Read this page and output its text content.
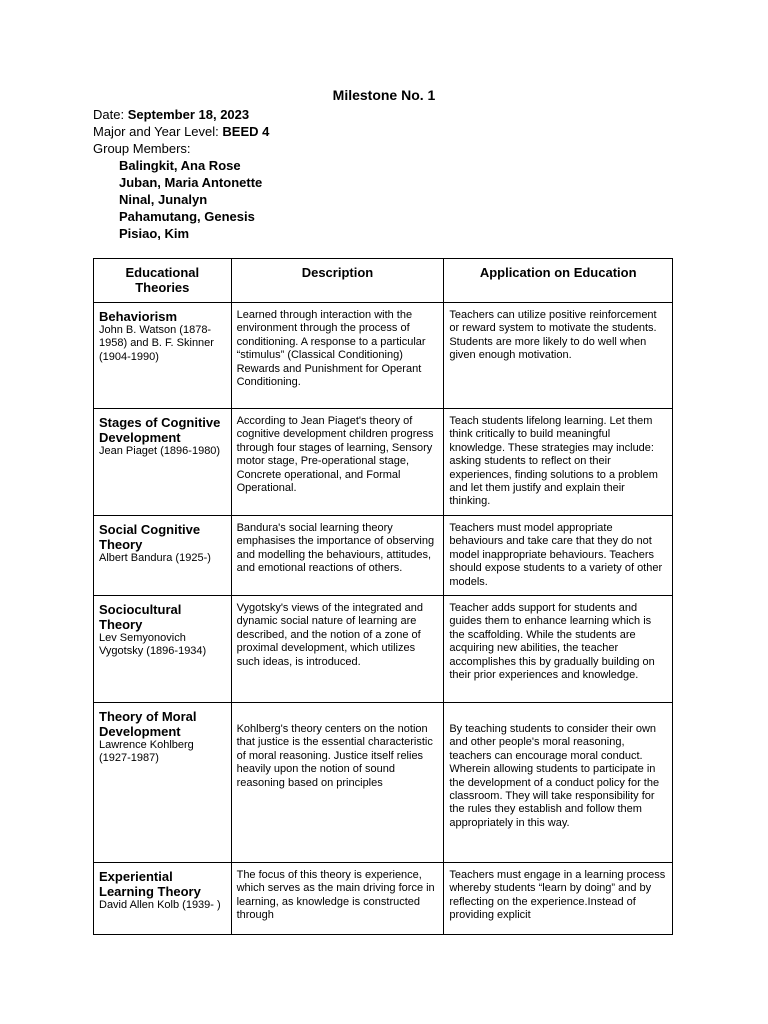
Milestone No. 1
Date: September 18, 2023
Major and Year Level: BEED 4
Group Members:
Balingkit, Ana Rose
Juban, Maria Antonette
Ninal, Junalyn
Pahamutang, Genesis
Pisiao, Kim
Educational Theories	Description	Application on Education

Behaviorism
John B. Watson (1878-1958) and B. F. Skinner (1904-1990)	Learned through interaction with the environment through the process of conditioning. A response to a particular “stimulus” (Classical Conditioning) Rewards and Punishment for Operant Conditioning.	Teachers can utilize positive reinforcement or reward system to motivate the students. Students are more likely to do well when given enough motivation.

Stages of Cognitive Development
Jean Piaget (1896-1980)	According to Jean Piaget's theory of cognitive development children progress through four stages of learning, Sensory motor stage, Pre-operational stage, Concrete operational, and Formal Operational.	Teach students lifelong learning. Let them think critically to build meaningful knowledge. These strategies may include: asking students to reflect on their experiences, finding solutions to a problem and let them justify and explain their thinking.

Social Cognitive Theory
Albert Bandura (1925-)	Bandura's social learning theory emphasises the importance of observing and modelling the behaviours, attitudes, and emotional reactions of others.	Teachers must model appropriate behaviours and take care that they do not model inappropriate behaviours. Teachers should expose students to a variety of other models.

Sociocultural Theory
Lev Semyonovich Vygotsky (1896-1934)	Vygotsky's views of the integrated and dynamic social nature of learning are described, and the notion of a zone of proximal development, which utilizes such ideas, is introduced.	Teacher adds support for students and guides them to enhance learning which is the scaffolding. While the students are acquiring new abilities, the teacher accomplishes this by gradually building on their prior experiences and knowledge.

Theory of Moral Development
Lawrence Kohlberg (1927-1987)	Kohlberg's theory centers on the notion that justice is the essential characteristic of moral reasoning. Justice itself relies heavily upon the notion of sound reasoning based on principles	By teaching students to consider their own and other people's moral reasoning, teachers can encourage moral conduct. Wherein allowing students to participate in the development of a conduct policy for the classroom. They will take responsibility for the rules they establish and follow them appropriately in this way.

Experiential Learning Theory
David Allen Kolb (1939- )	The focus of this theory is experience, which serves as the main driving force in learning, as knowledge is constructed through	Teachers must engage in a learning process whereby students “learn by doing” and by reflecting on the experience.Instead of providing explicit
